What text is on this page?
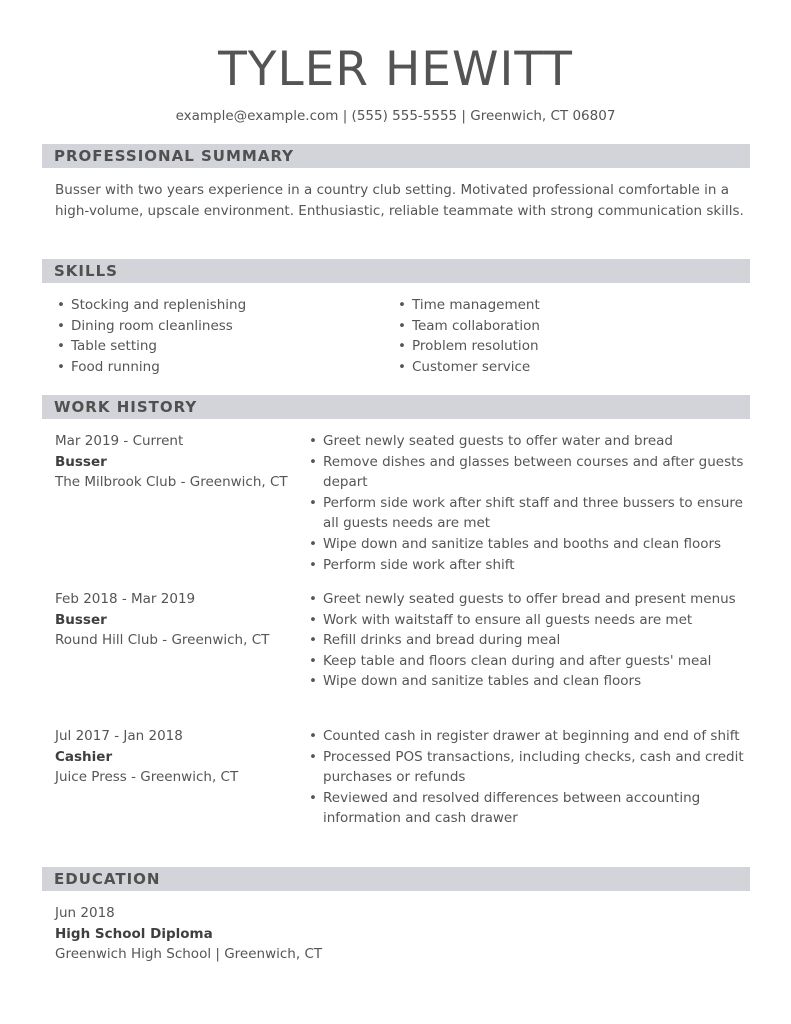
TYLER HEWITT
example@example.com | (555) 555-5555 | Greenwich, CT 06807
PROFESSIONAL SUMMARY
Busser with two years experience in a country club setting. Motivated professional comfortable in a high-volume, upscale environment. Enthusiastic, reliable teammate with strong communication skills.
SKILLS
• Stocking and replenishing
• Dining room cleanliness
• Table setting
• Food running
• Time management
• Team collaboration
• Problem resolution
• Customer service
WORK HISTORY
Mar 2019 - Current
Busser
The Milbrook Club - Greenwich, CT
• Greet newly seated guests to offer water and bread
• Remove dishes and glasses between courses and after guests depart
• Perform side work after shift staff and three bussers to ensure all guests needs are met
• Wipe down and sanitize tables and booths and clean floors
• Perform side work after shift
Feb 2018 - Mar 2019
Busser
Round Hill Club - Greenwich, CT
• Greet newly seated guests to offer bread and present menus
• Work with waitstaff to ensure all guests needs are met
• Refill drinks and bread during meal
• Keep table and floors clean during and after guests' meal
• Wipe down and sanitize tables and clean floors
Jul 2017 - Jan 2018
Cashier
Juice Press - Greenwich, CT
• Counted cash in register drawer at beginning and end of shift
• Processed POS transactions, including checks, cash and credit purchases or refunds
• Reviewed and resolved differences between accounting information and cash drawer
EDUCATION
Jun 2018
High School Diploma
Greenwich High School | Greenwich, CT
